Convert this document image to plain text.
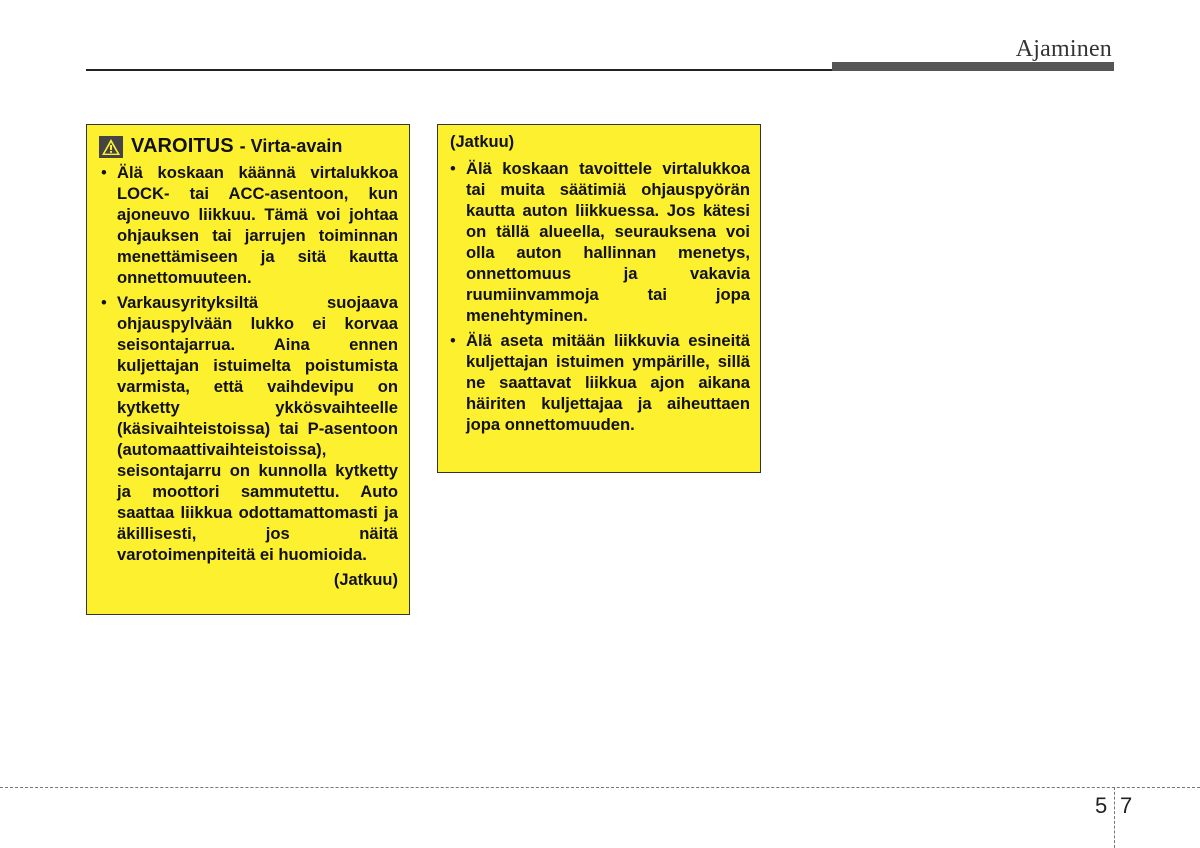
Ajaminen
VAROITUS - Virta-avain
• Älä koskaan käännä virtalukkoa LOCK- tai ACC-asentoon, kun ajoneuvo liikkuu. Tämä voi johtaa ohjauksen tai jarrujen toiminnan menettämiseen ja sitä kautta onnettomuuteen.
• Varkausyrityksiltä suojaava ohjauspylvään lukko ei korvaa seisontajarrua. Aina ennen kuljettajan istuimelta poistumista varmista, että vaihdevipu on kytketty ykkösvaihteelle (käsivaihteistoissa) tai P-asentoon (automaattivaihteistoissa), seisontajarru on kunnolla kytketty ja moottori sammutettu. Auto saattaa liikkua odottamattomasti ja äkillisesti, jos näitä varotoimenpiteitä ei huomioida.
(Jatkuu)
(Jatkuu)
• Älä koskaan tavoittele virtalukkoa tai muita säätimiä ohjauspyörän kautta auton liikkuessa. Jos kätesi on tällä alueella, seurauksena voi olla auton hallinnan menetys, onnettomuus ja vakavia ruumiinvammoja tai jopa menehtyminen.
• Älä aseta mitään liikkuvia esineitä kuljettajan istuimen ympärille, sillä ne saattavat liikkua ajon aikana häiriten kuljettajaa ja aiheuttaen jopa onnettomuuden.
5 7
